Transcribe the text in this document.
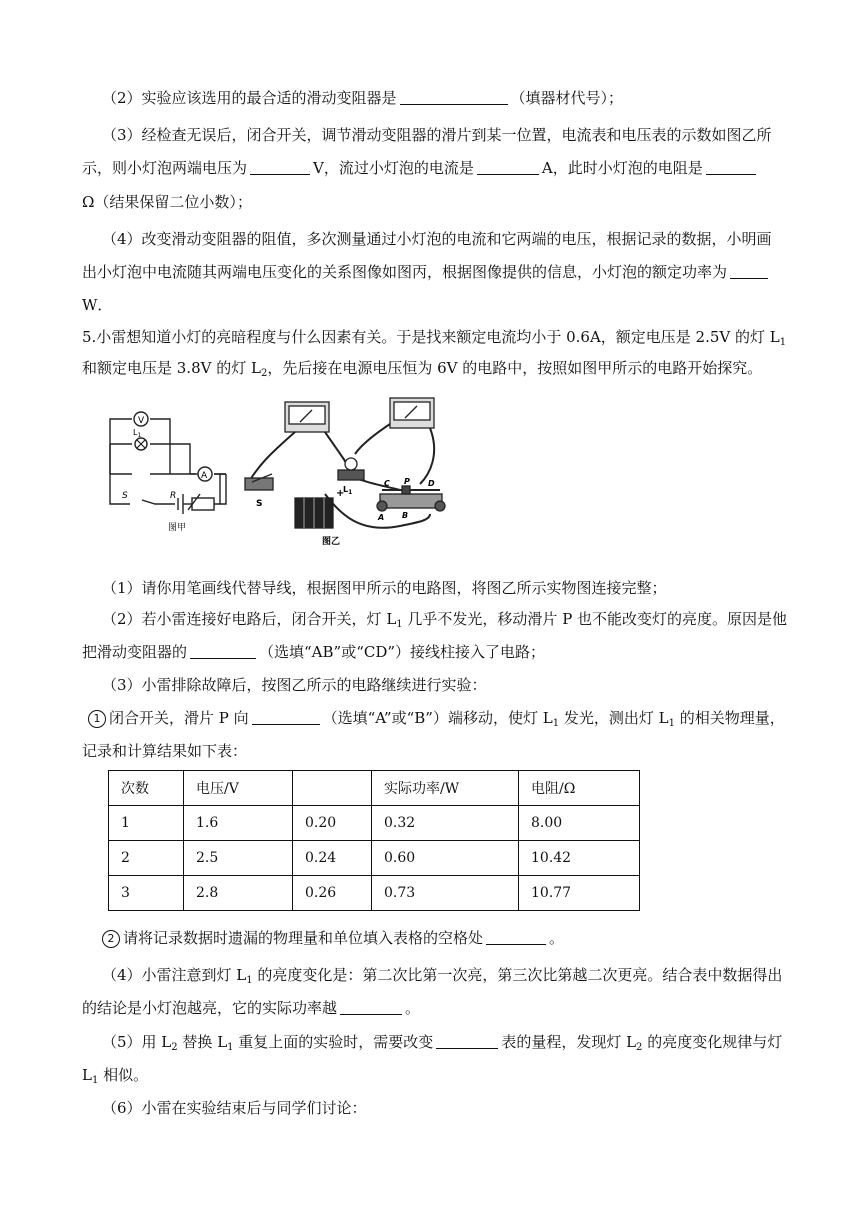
（2）实验应该选用的最合适的滑动变阻器是	（填器材代号）；
（3）经检查无误后，闭合开关，调节滑动变阻器的滑片到某一位置，电流表和电压表的示数如图乙所
示，则小灯泡两端电压为	V，流过小灯泡的电流是	A，此时小灯泡的电阻是
Ω（结果保留二位小数）；
（4）改变滑动变阻器的阻值，多次测量通过小灯泡的电流和它两端的电压，根据记录的数据，小明画
出小灯泡中电流随其两端电压变化的关系图像如图丙，根据图像提供的信息，小灯泡的额定功率为
W．
5.小雷想知道小灯的亮暗程度与什么因素有关。于是找来额定电流均小于 0.6A，额定电压是 2.5V 的灯 $L_1$
和额定电压是 3.8V 的灯 $L_2$，先后接在电源电压恒为 6V 的电路中，按照如图甲所示的电路开始探究。
V
$L_1$
A
S	R
图甲
S
$L_1$
+
C P D
A B
图乙
（1）请你用笔画线代替导线，根据图甲所示的电路图，将图乙所示实物图连接完整；
（2）若小雷连接好电路后，闭合开关，灯 $L_1$ 几乎不发光，移动滑片 P 也不能改变灯的亮度。原因是他
把滑动变阻器的	（选填“AB”或“CD”）接线柱接入了电路；
（3）小雷排除故障后，按图乙所示的电路继续进行实验：
1 闭合开关，滑片 P 向	（选填“A”或“B”）端移动，使灯 $L_1$ 发光，测出灯 $L_1$ 的相关物理量，
记录和计算结果如下表：
次数	电压/V		实际功率/W	电阻/Ω
1	1.6	0.20	0.32	8.00
2	2.5	0.24	0.60	10.42
3	2.8	0.26	0.73	10.77
2 请将记录数据时遗漏的物理量和单位填入表格的空格处	。
（4）小雷注意到灯 $L_1$ 的亮度变化是：第二次比第一次亮，第三次比第越二次更亮。结合表中数据得出
的结论是小灯泡越亮，它的实际功率越	。
（5）用 $L_2$ 替换 $L_1$ 重复上面的实验时，需要改变	表的量程，发现灯 $L_2$ 的亮度变化规律与灯
$L_1$ 相似。
（6）小雷在实验结束后与同学们讨论：
